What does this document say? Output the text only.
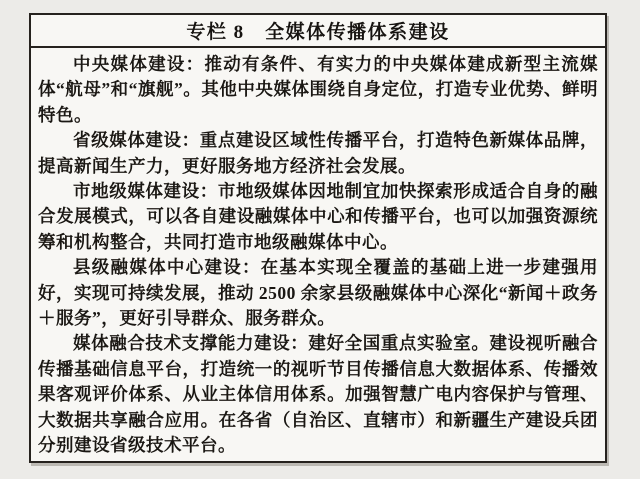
专栏 8　全媒体传播体系建设

中央媒体建设：推动有条件、有实力的中央媒体建成新型主流媒体“航母”和“旗舰”。其他中央媒体围绕自身定位，打造专业优势、鲜明特色。

省级媒体建设：重点建设区域性传播平台，打造特色新媒体品牌，提高新闻生产力，更好服务地方经济社会发展。

市地级媒体建设：市地级媒体因地制宜加快探索形成适合自身的融合发展模式，可以各自建设融媒体中心和传播平台，也可以加强资源统筹和机构整合，共同打造市地级融媒体中心。

县级融媒体中心建设：在基本实现全覆盖的基础上进一步建强用好，实现可持续发展，推动 2500 余家县级融媒体中心深化“新闻＋政务＋服务”，更好引导群众、服务群众。

媒体融合技术支撑能力建设：建好全国重点实验室。建设视听融合传播基础信息平台，打造统一的视听节目传播信息大数据体系、传播效果客观评价体系、从业主体信用体系。加强智慧广电内容保护与管理、大数据共享融合应用。在各省（自治区、直辖市）和新疆生产建设兵团分别建设省级技术平台。
